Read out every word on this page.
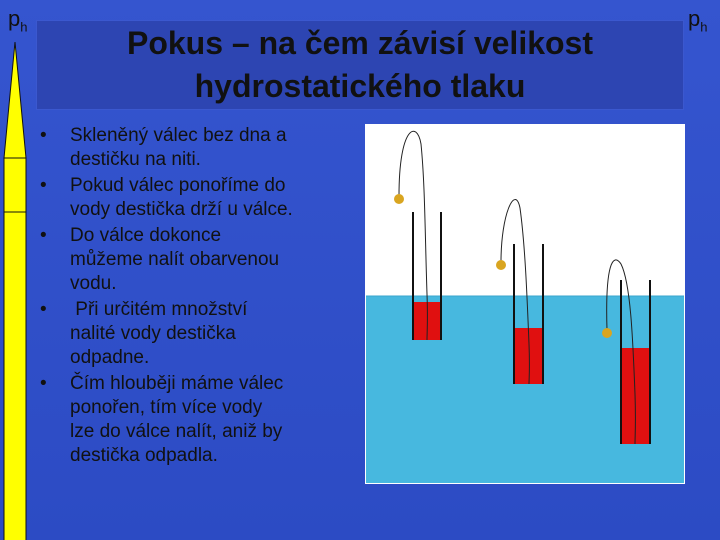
$p_h$	$p_h$
Pokus – na čem závisí velikost
hydrostatického tlaku
•	Skleněný válec bez dna a
destičku na niti.
•	Pokud válec ponoříme do
vody destička drží u válce.
•	Do válce dokonce
můžeme nalít obarvenou
vodu.
•	Při určitém množství
nalité vody destička
odpadne.
•	Čím hlouběji máme válec
ponořen, tím více vody
lze do válce nalít, aniž by
destička odpadla.
